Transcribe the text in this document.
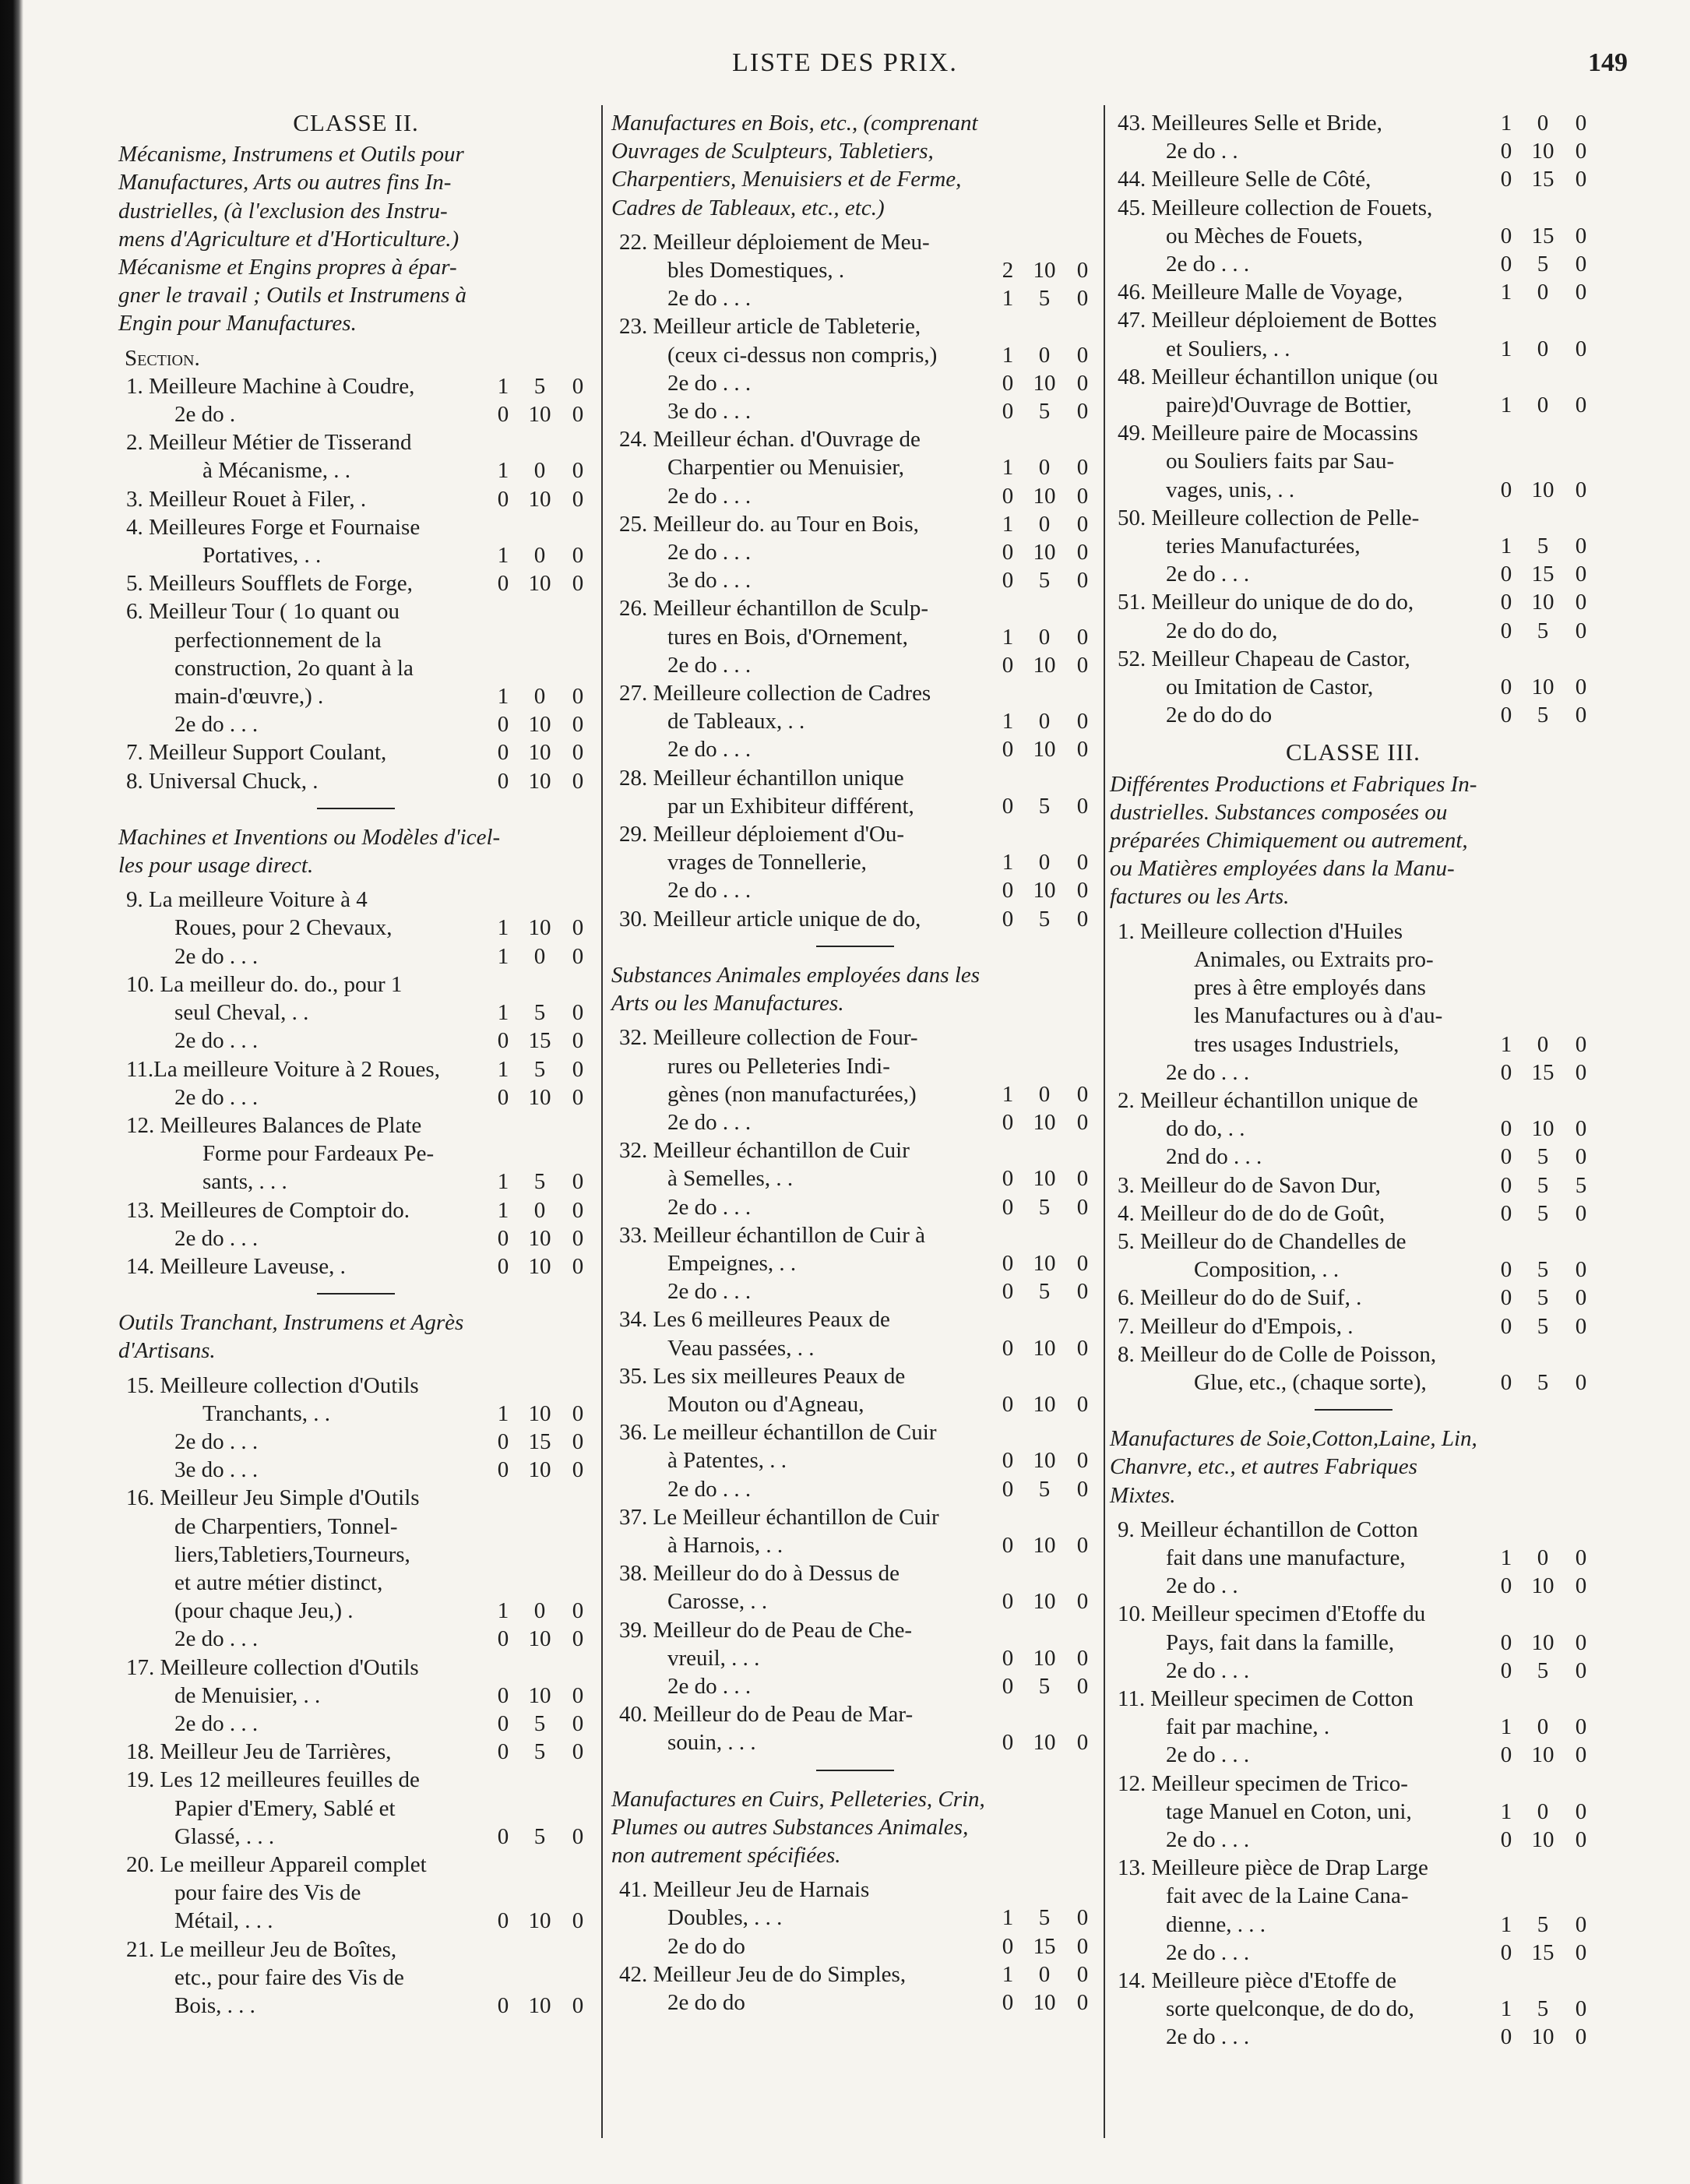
LISTE DES PRIX.	149
CLASSE II.
Mécanisme, Instrumens et Outils pour
Manufactures, Arts ou autres fins In-
dustrielles, (à l'exclusion des Instru-
mens d'Agriculture et d'Horticulture.)
Mécanisme et Engins propres à épar-
gner le travail ; Outils et Instrumens à
Engin pour Manufactures.
Section.
1. Meilleure Machine à Coudre,	1	5	0
2e do .	0 10 0
2. Meilleur Métier de Tisserand
à Mécanisme, . .	1	0	0
3. Meilleur Rouet à Filer, .	0 10 0
4. Meilleures Forge et Fournaise
Portatives, . .	1	0	0
5. Meilleurs Soufflets de Forge,	0 10 0
6. Meilleur Tour ( 1o quant ou
perfectionnement de la
construction, 2o quant à la
main-d'œuvre,) .	1	0	0
2e do . . .	0 10 0
7. Meilleur Support Coulant,	0 10 0
8. Universal Chuck, .	0 10 0
Machines et Inventions ou Modèles d'icel-
les pour usage direct.
9. La meilleure Voiture à 4
Roues, pour 2 Chevaux,	1 10 0
2e do . . .	1	0	0
10. La meilleur do. do., pour 1
seul Cheval, . .	1	5	0
2e do . . .	0 15 0
11.La meilleure Voiture à 2 Roues,	1	5	0
2e do . . .	0 10 0
12. Meilleures Balances de Plate
Forme pour Fardeaux Pe-
sants, . . .	1	5	0
13. Meilleures de Comptoir do.	1	0	0
2e do . . .	0 10 0
14. Meilleure Laveuse, .	0 10 0
Outils Tranchant, Instrumens et Agrès
d'Artisans.
15. Meilleure collection d'Outils
Tranchants, . .	1 10 0
2e do . . .	0 15 0
3e do . . .	0 10 0
16. Meilleur Jeu Simple d'Outils
de Charpentiers, Tonnel-
liers,Tabletiers,Tourneurs,
et autre métier distinct,
(pour chaque Jeu,) .	1	0	0
2e do . . .	0 10 0
17. Meilleure collection d'Outils
de Menuisier, . .	0 10 0
2e do . . .	0	5	0
18. Meilleur Jeu de Tarrières,	0	5	0
19. Les 12 meilleures feuilles de
Papier d'Emery, Sablé et
Glassé, . . .	0	5	0
20. Le meilleur Appareil complet
pour faire des Vis de
Métail, . . .	0 10 0
21. Le meilleur Jeu de Boîtes,
etc., pour faire des Vis de
Bois, . . .	0 10 0
Manufactures en Bois, etc., (comprenant
Ouvrages de Sculpteurs, Tabletiers,
Charpentiers, Menuisiers et de Ferme,
Cadres de Tableaux, etc., etc.)
22. Meilleur déploiement de Meu-
bles Domestiques, .	2 10 0
2e do . . .	1	5	0
23. Meilleur article de Tableterie,
(ceux ci-dessus non compris,)	1	0	0
2e do . . .	0 10 0
3e do . . .	0	5	0
24. Meilleur échan. d'Ouvrage de
Charpentier ou Menuisier,	1	0	0
2e do . . .	0 10 0
25. Meilleur do. au Tour en Bois,	1	0	0
2e do . . .	0 10 0
3e do . . .	0	5	0
26. Meilleur échantillon de Sculp-
tures en Bois, d'Ornement,	1	0	0
2e do . . .	0 10 0
27. Meilleure collection de Cadres
de Tableaux, . .	1	0	0
2e do . . .	0 10 0
28. Meilleur échantillon unique
par un Exhibiteur différent,	0	5	0
29. Meilleur déploiement d'Ou-
vrages de Tonnellerie,	1	0	0
2e do . . .	0 10 0
30. Meilleur article unique de do,	0	5	0
Substances Animales employées dans les
Arts ou les Manufactures.
32. Meilleure collection de Four-
rures ou Pelleteries Indi-
gènes (non manufacturées,)	1	0	0
2e do . . .	0 10 0
32. Meilleur échantillon de Cuir
à Semelles, . .	0 10 0
2e do . . .	0	5	0
33. Meilleur échantillon de Cuir à
Empeignes, . .	0 10 0
2e do . . .	0	5	0
34. Les 6 meilleures Peaux de
Veau passées, . .	0 10 0
35. Les six meilleures Peaux de
Mouton ou d'Agneau,	0 10 0
36. Le meilleur échantillon de Cuir
à Patentes, . .	0 10 0
2e do . . .	0	5	0
37. Le Meilleur échantillon de Cuir
à Harnois, . .	0 10 0
38. Meilleur do do à Dessus de
Carosse, . .	0 10 0
39. Meilleur do de Peau de Che-
vreuil, . . .	0 10 0
2e do . . .	0	5	0
40. Meilleur do de Peau de Mar-
souin, . . .	0 10 0
Manufactures en Cuirs, Pelleteries, Crin,
Plumes ou autres Substances Animales,
non autrement spécifiées.
41. Meilleur Jeu de Harnais
Doubles, . . .	1	5	0
2e do do	0 15 0
42. Meilleur Jeu de do Simples,	1	0	0
2e do do	0 10 0
43. Meilleures Selle et Bride,	1	0	0
2e do . .	0 10 0
44. Meilleure Selle de Côté,	0 15 0
45. Meilleure collection de Fouets,
ou Mèches de Fouets,	0 15 0
2e do . . .	0	5	0
46. Meilleure Malle de Voyage,	1	0	0
47. Meilleur déploiement de Bottes
et Souliers, . .	1	0	0
48. Meilleur échantillon unique (ou
paire)d'Ouvrage de Bottier,	1	0	0
49. Meilleure paire de Mocassins
ou Souliers faits par Sau-
vages, unis, . .	0 10 0
50. Meilleure collection de Pelle-
teries Manufacturées,	1	5	0
2e do . . .	0 15 0
51. Meilleur do unique de do do,	0 10 0
2e do do do,	0	5	0
52. Meilleur Chapeau de Castor,
ou Imitation de Castor,	0 10 0
2e do do do	0	5	0
CLASSE III.
Différentes Productions et Fabriques In-
dustrielles. Substances composées ou
préparées Chimiquement ou autrement,
ou Matières employées dans la Manu-
factures ou les Arts.
1. Meilleure collection d'Huiles
Animales, ou Extraits pro-
pres à être employés dans
les Manufactures ou à d'au-
tres usages Industriels,	1	0	0
2e do . . .	0 15 0
2. Meilleur échantillon unique de
do do, . .	0 10 0
2nd do . . .	0	5	0
3. Meilleur do de Savon Dur,	0	5	5
4. Meilleur do de do de Goût,	0	5	0
5. Meilleur do de Chandelles de
Composition, . .	0	5	0
6. Meilleur do do de Suif, .	0	5	0
7. Meilleur do d'Empois, .	0	5	0
8. Meilleur do de Colle de Poisson,
Glue, etc., (chaque sorte),	0	5	0
Manufactures de Soie,Cotton,Laine, Lin,
Chanvre, etc., et autres Fabriques
Mixtes.
9. Meilleur échantillon de Cotton
fait dans une manufacture,	1	0	0
2e do . .	0 10 0
10. Meilleur specimen d'Etoffe du
Pays, fait dans la famille,	0 10 0
2e do . . .	0	5	0
11. Meilleur specimen de Cotton
fait par machine, .	1	0	0
2e do . . .	0 10 0
12. Meilleur specimen de Trico-
tage Manuel en Coton, uni,	1	0	0
2e do . . .	0 10 0
13. Meilleure pièce de Drap Large
fait avec de la Laine Cana-
dienne, . . .	1	5	0
2e do . . .	0 15 0
14. Meilleure pièce d'Etoffe de
sorte quelconque, de do do,	1	5	0
2e do . . .	0 10 0
